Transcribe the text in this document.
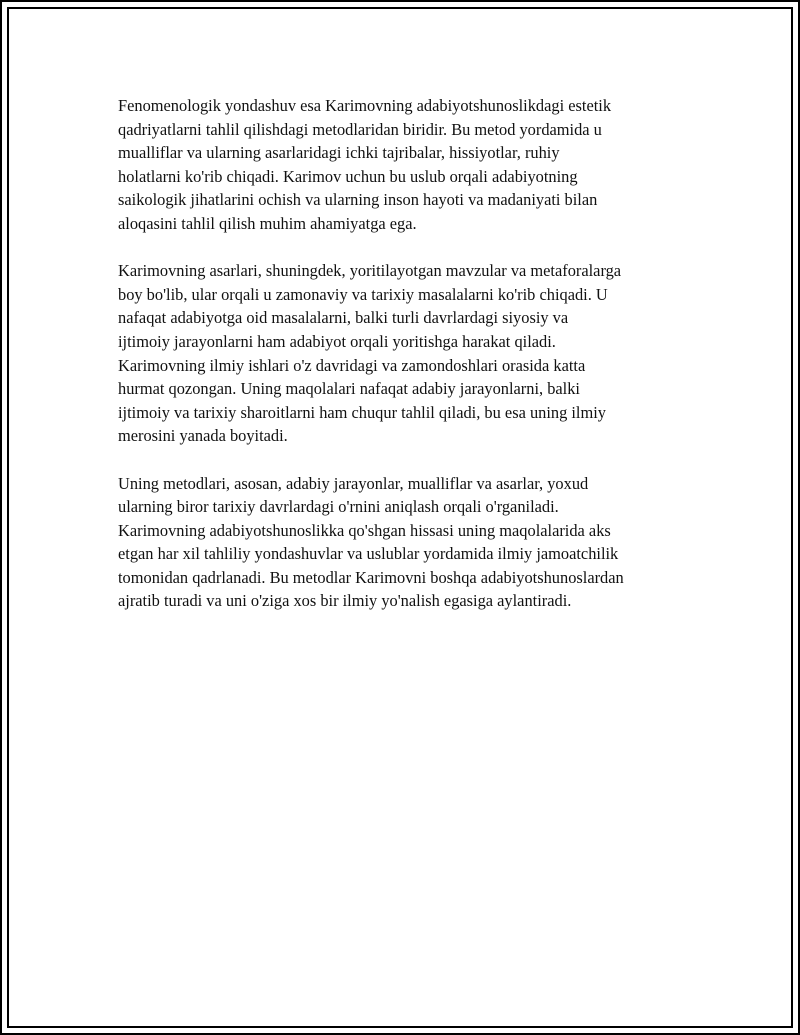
Fenomenologik yondashuv esa Karimovning adabiyotshunoslikdagi estetik
qadriyatlarni tahlil qilishdagi metodlaridan biridir. Bu metod yordamida u
mualliflar va ularning asarlaridagi ichki tajribalar, hissiyotlar, ruhiy
holatlarni ko'rib chiqadi. Karimov uchun bu uslub orqali adabiyotning
saikologik jihatlarini ochish va ularning inson hayoti va madaniyati bilan
aloqasini tahlil qilish muhim ahamiyatga ega.

Karimovning asarlari, shuningdek, yoritilayotgan mavzular va metaforalarga
boy bo'lib, ular orqali u zamonaviy va tarixiy masalalarni ko'rib chiqadi. U
nafaqat adabiyotga oid masalalarni, balki turli davrlardagi siyosiy va
ijtimoiy jarayonlarni ham adabiyot orqali yoritishga harakat qiladi.
Karimovning ilmiy ishlari o'z davridagi va zamondoshlari orasida katta
hurmat qozongan. Uning maqolalari nafaqat adabiy jarayonlarni, balki
ijtimoiy va tarixiy sharoitlarni ham chuqur tahlil qiladi, bu esa uning ilmiy
merosini yanada boyitadi.

Uning metodlari, asosan, adabiy jarayonlar, mualliflar va asarlar, yoxud
ularning biror tarixiy davrlardagi o'rnini aniqlash orqali o'rganiladi.
Karimovning adabiyotshunoslikka qo'shgan hissasi uning maqolalarida aks
etgan har xil tahliliy yondashuvlar va uslublar yordamida ilmiy jamoatchilik
tomonidan qadrlanadi. Bu metodlar Karimovni boshqa adabiyotshunoslardan
ajratib turadi va uni o'ziga xos bir ilmiy yo'nalish egasiga aylantiradi.
